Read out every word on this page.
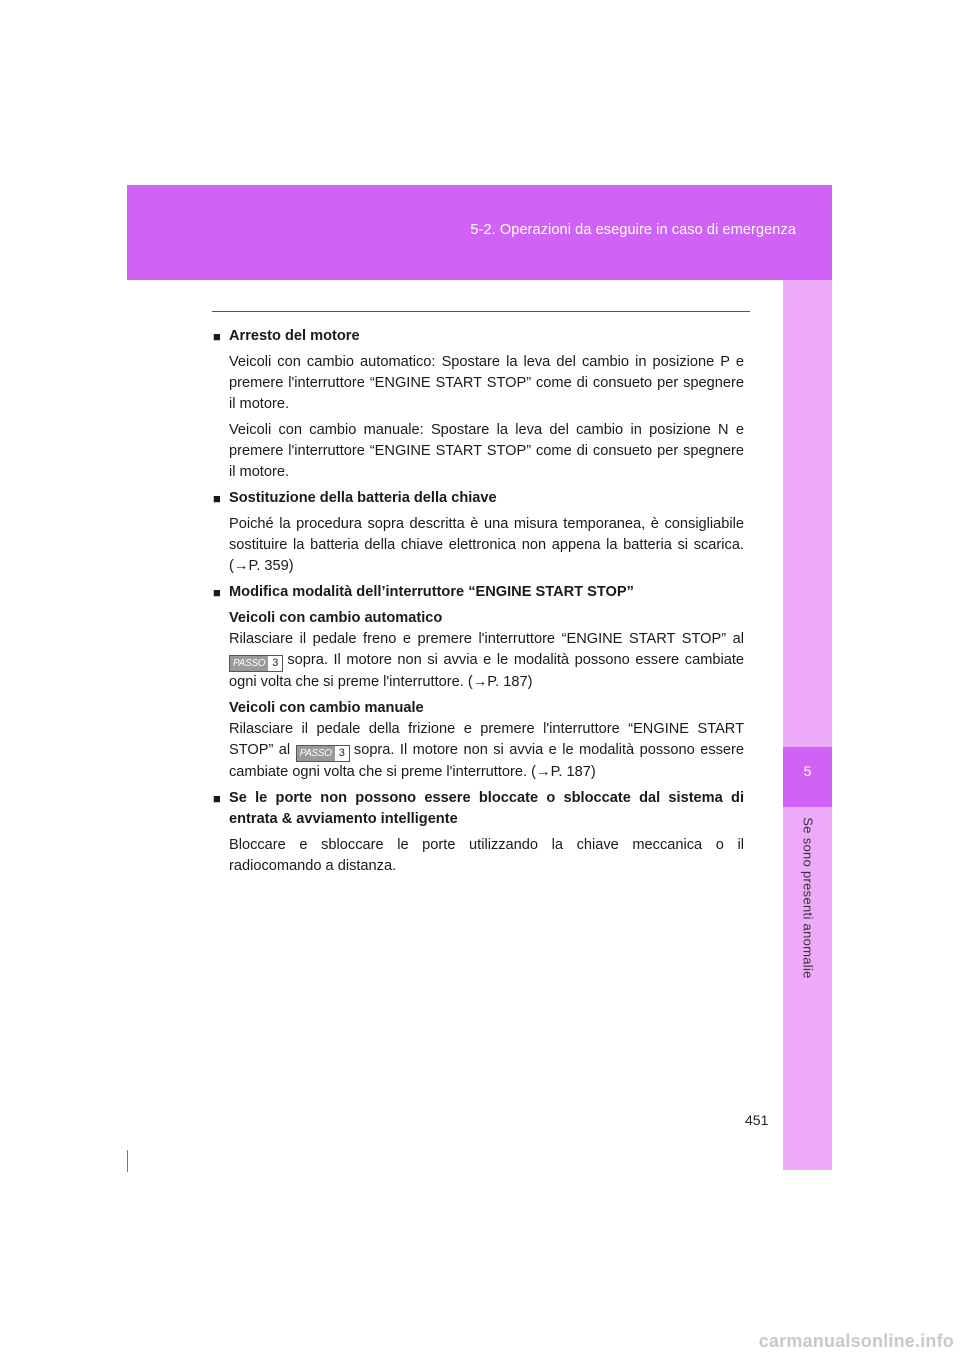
5-2. Operazioni da eseguire in caso di emergenza
5
Se sono presenti anomalie
■ Arresto del motore

Veicoli con cambio automatico: Spostare la leva del cambio in posizione P e premere l'interruttore “ENGINE START STOP” come di consueto per spegnere il motore.

Veicoli con cambio manuale: Spostare la leva del cambio in posizione N e premere l'interruttore “ENGINE START STOP” come di consueto per spegnere il motore.

■ Sostituzione della batteria della chiave

Poiché la procedura sopra descritta è una misura temporanea, è consigliabile sostituire la batteria della chiave elettronica non appena la batteria si scarica. (→P. 359)

■ Modifica modalità dell’interruttore “ENGINE START STOP”

Veicoli con cambio automatico
Rilasciare il pedale freno e premere l'interruttore “ENGINE START STOP” al PASSO 3 sopra. Il motore non si avvia e le modalità possono essere cambiate ogni volta che si preme l'interruttore. (→P. 187)

Veicoli con cambio manuale
Rilasciare il pedale della frizione e premere l'interruttore “ENGINE START STOP” al PASSO 3 sopra. Il motore non si avvia e le modalità possono essere cambiate ogni volta che si preme l'interruttore. (→P. 187)

■ Se le porte non possono essere bloccate o sbloccate dal sistema di entrata & avviamento intelligente

Bloccare e sbloccare le porte utilizzando la chiave meccanica o il radiocomando a distanza.

451
carmanualsonline.info
